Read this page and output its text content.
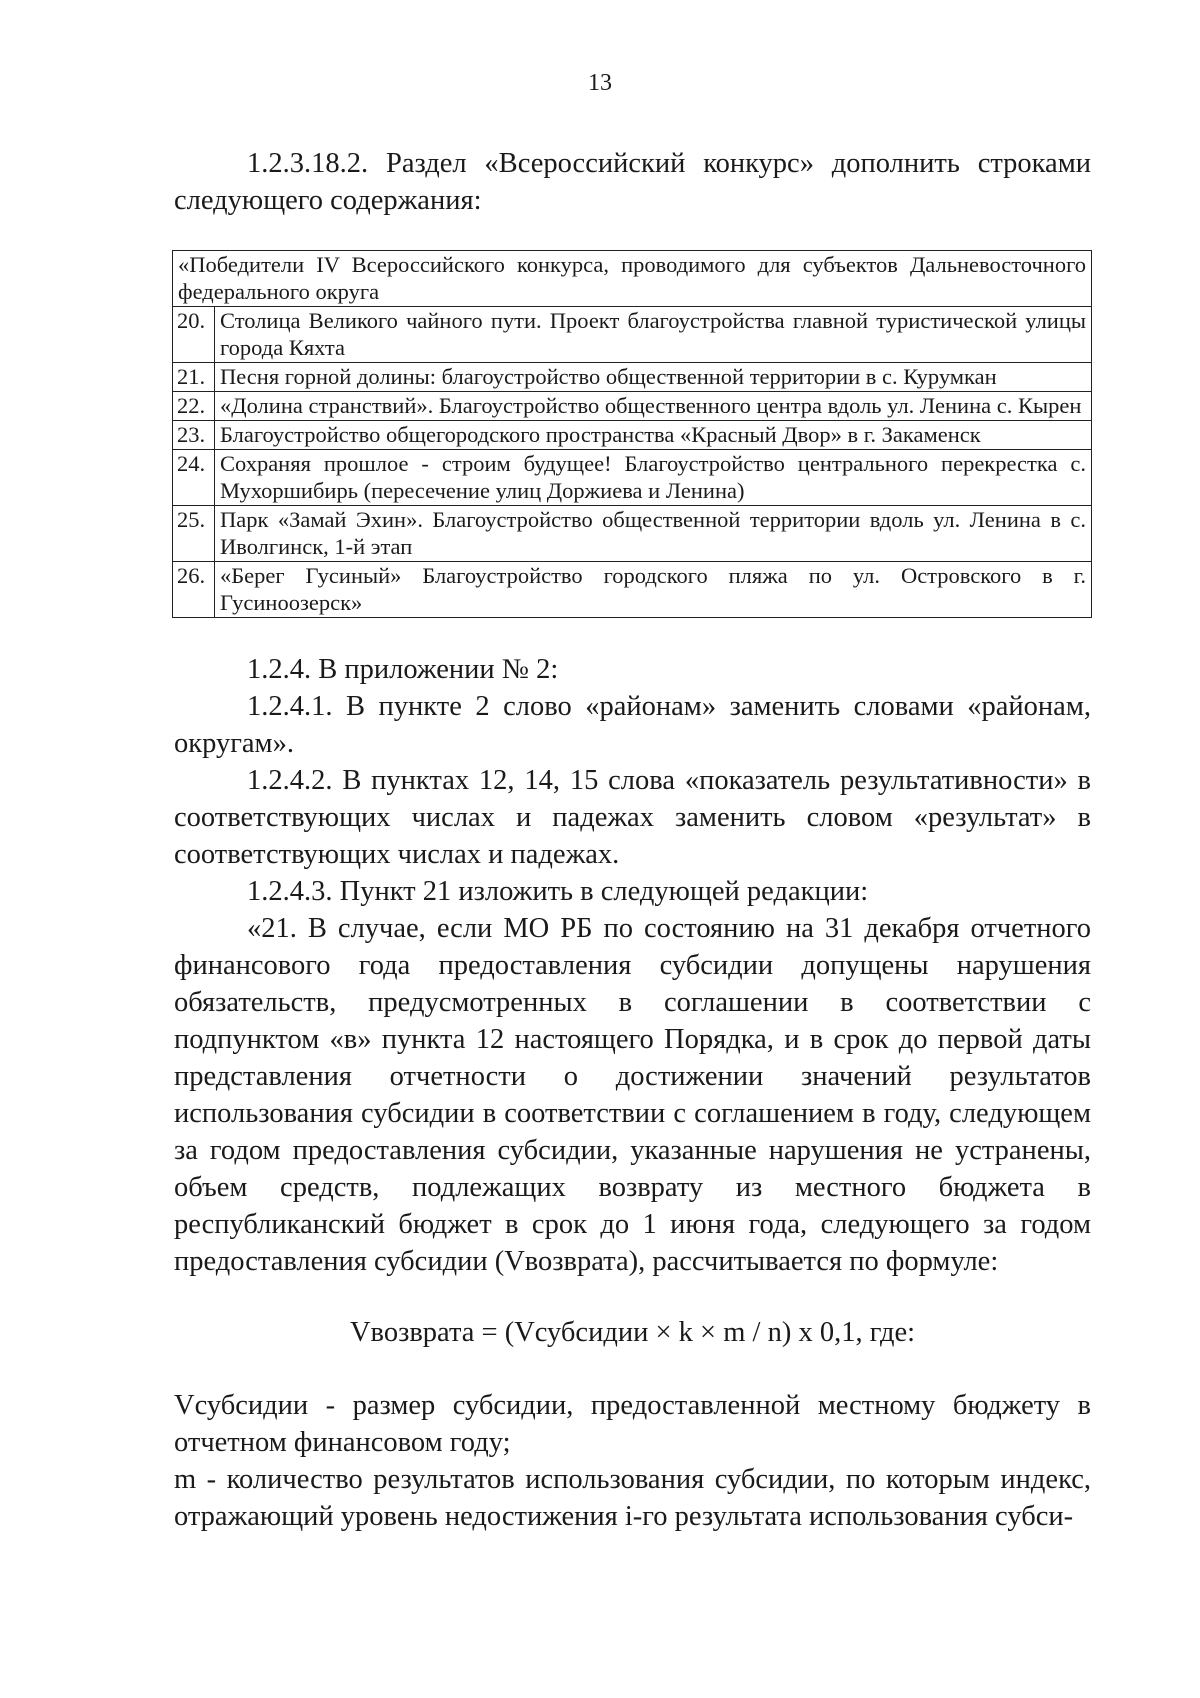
13

1.2.3.18.2. Раздел «Всероссийский конкурс» дополнить строками следующего содержания:

«Победители IV Всероссийского конкурса, проводимого для субъектов Дальневосточного федерального округа	
20.	Столица Великого чайного пути. Проект благоустройства главной туристической улицы города Кяхта
21.	Песня горной долины: благоустройство общественной территории в с. Курумкан
22.	«Долина странствий». Благоустройство общественного центра вдоль ул. Ленина с. Кырен
23.	Благоустройство общегородского пространства «Красный Двор» в г. Закаменск
24.	Сохраняя прошлое - строим будущее! Благоустройство центрального перекрестка с. Мухоршибирь (пересечение улиц Доржиева и Ленина)
25.	Парк «Замай Эхин». Благоустройство общественной территории вдоль ул. Ленина в с. Иволгинск, 1-й этап
26.	«Берег Гусиный» Благоустройство городского пляжа по ул. Островского в г. Гусиноозерск»

1.2.4. В приложении № 2:

1.2.4.1. В пункте 2 слово «районам» заменить словами «районам, округам».

1.2.4.2. В пунктах 12, 14, 15 слова «показатель результативности» в соответствующих числах и падежах заменить словом «результат» в соответствующих числах и падежах.

1.2.4.3. Пункт 21 изложить в следующей редакции:

«21. В случае, если МО РБ по состоянию на 31 декабря отчетного финансового года предоставления субсидии допущены нарушения обязательств, предусмотренных в соглашении в соответствии с подпунктом «в» пункта 12 настоящего Порядка, и в срок до первой даты представления отчетности о достижении значений результатов использования субсидии в соответствии с соглашением в году, следующем за годом предоставления субсидии, указанные нарушения не устранены, объем средств, подлежащих возврату из местного бюджета в республиканский бюджет в срок до 1 июня года, следующего за годом предоставления субсидии (Vвозврата), рассчитывается по формуле:

Vвозврата = (Vсубсидии × k × m / n) x 0,1, где:

Vсубсидии - размер субсидии, предоставленной местному бюджету в отчетном финансовом году;

m - количество результатов использования субсидии, по которым индекс, отражающий уровень недостижения i-го результата использования субси-
